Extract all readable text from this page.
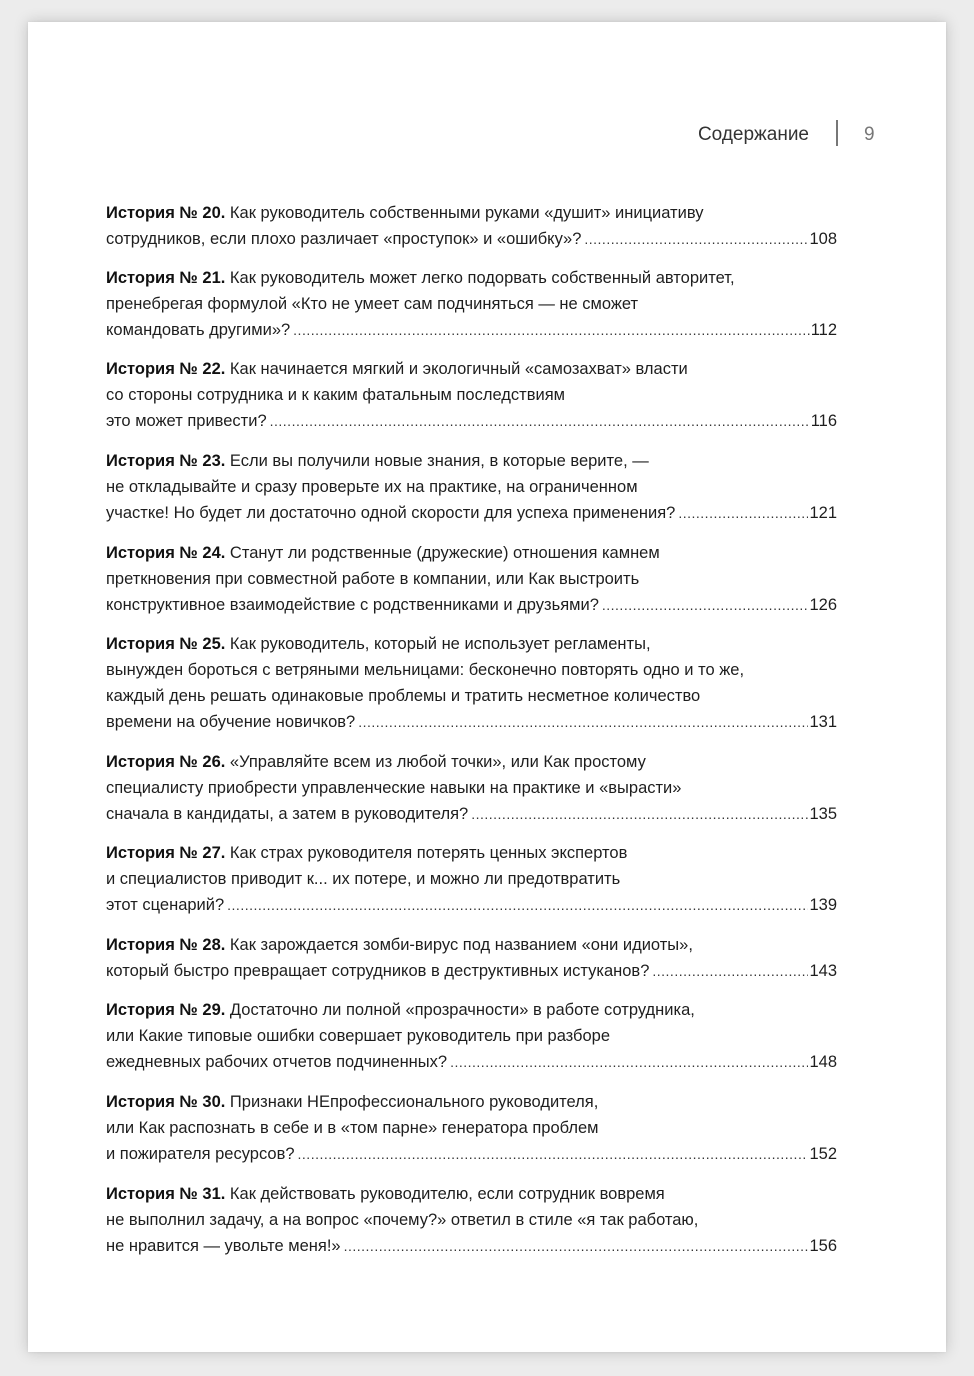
Содержание	9
История № 20. Как руководитель собственными руками «душит» инициативу
сотрудников, если плохо различает «проступок» и «ошибку»? .....	108
История № 21. Как руководитель может легко подорвать собственный авторитет,
пренебрегая формулой «Кто не умеет сам подчиняться — не сможет
командовать другими»? .....	112
История № 22. Как начинается мягкий и экологичный «самозахват» власти
со стороны сотрудника и к каким фатальным последствиям
это может привести? .....	116
История № 23. Если вы получили новые знания, в которые верите, —
не откладывайте и сразу проверьте их на практике, на ограниченном
участке! Но будет ли достаточно одной скорости для успеха применения? .....	121
История № 24. Станут ли родственные (дружеские) отношения камнем
преткновения при совместной работе в компании, или Как выстроить
конструктивное взаимодействие с родственниками и друзьями? .....	126
История № 25. Как руководитель, который не использует регламенты,
вынужден бороться с ветряными мельницами: бесконечно повторять одно и то же,
каждый день решать одинаковые проблемы и тратить несметное количество
времени на обучение новичков? .....	131
История № 26. «Управляйте всем из любой точки», или Как простому
специалисту приобрести управленческие навыки на практике и «вырасти»
сначала в кандидаты, а затем в руководителя? .....	135
История № 27. Как страх руководителя потерять ценных экспертов
и специалистов приводит к... их потере, и можно ли предотвратить
этот сценарий? .....	139
История № 28. Как зарождается зомби-вирус под названием «они идиоты»,
который быстро превращает сотрудников в деструктивных истуканов? .....	143
История № 29. Достаточно ли полной «прозрачности» в работе сотрудника,
или Какие типовые ошибки совершает руководитель при разборе
ежедневных рабочих отчетов подчиненных? .....	148
История № 30. Признаки НЕпрофессионального руководителя,
или Как распознать в себе и в «том парне» генератора проблем
и пожирателя ресурсов? .....	152
История № 31. Как действовать руководителю, если сотрудник вовремя
не выполнил задачу, а на вопрос «почему?» ответил в стиле «я так работаю,
не нравится — увольте меня!» .....	156
